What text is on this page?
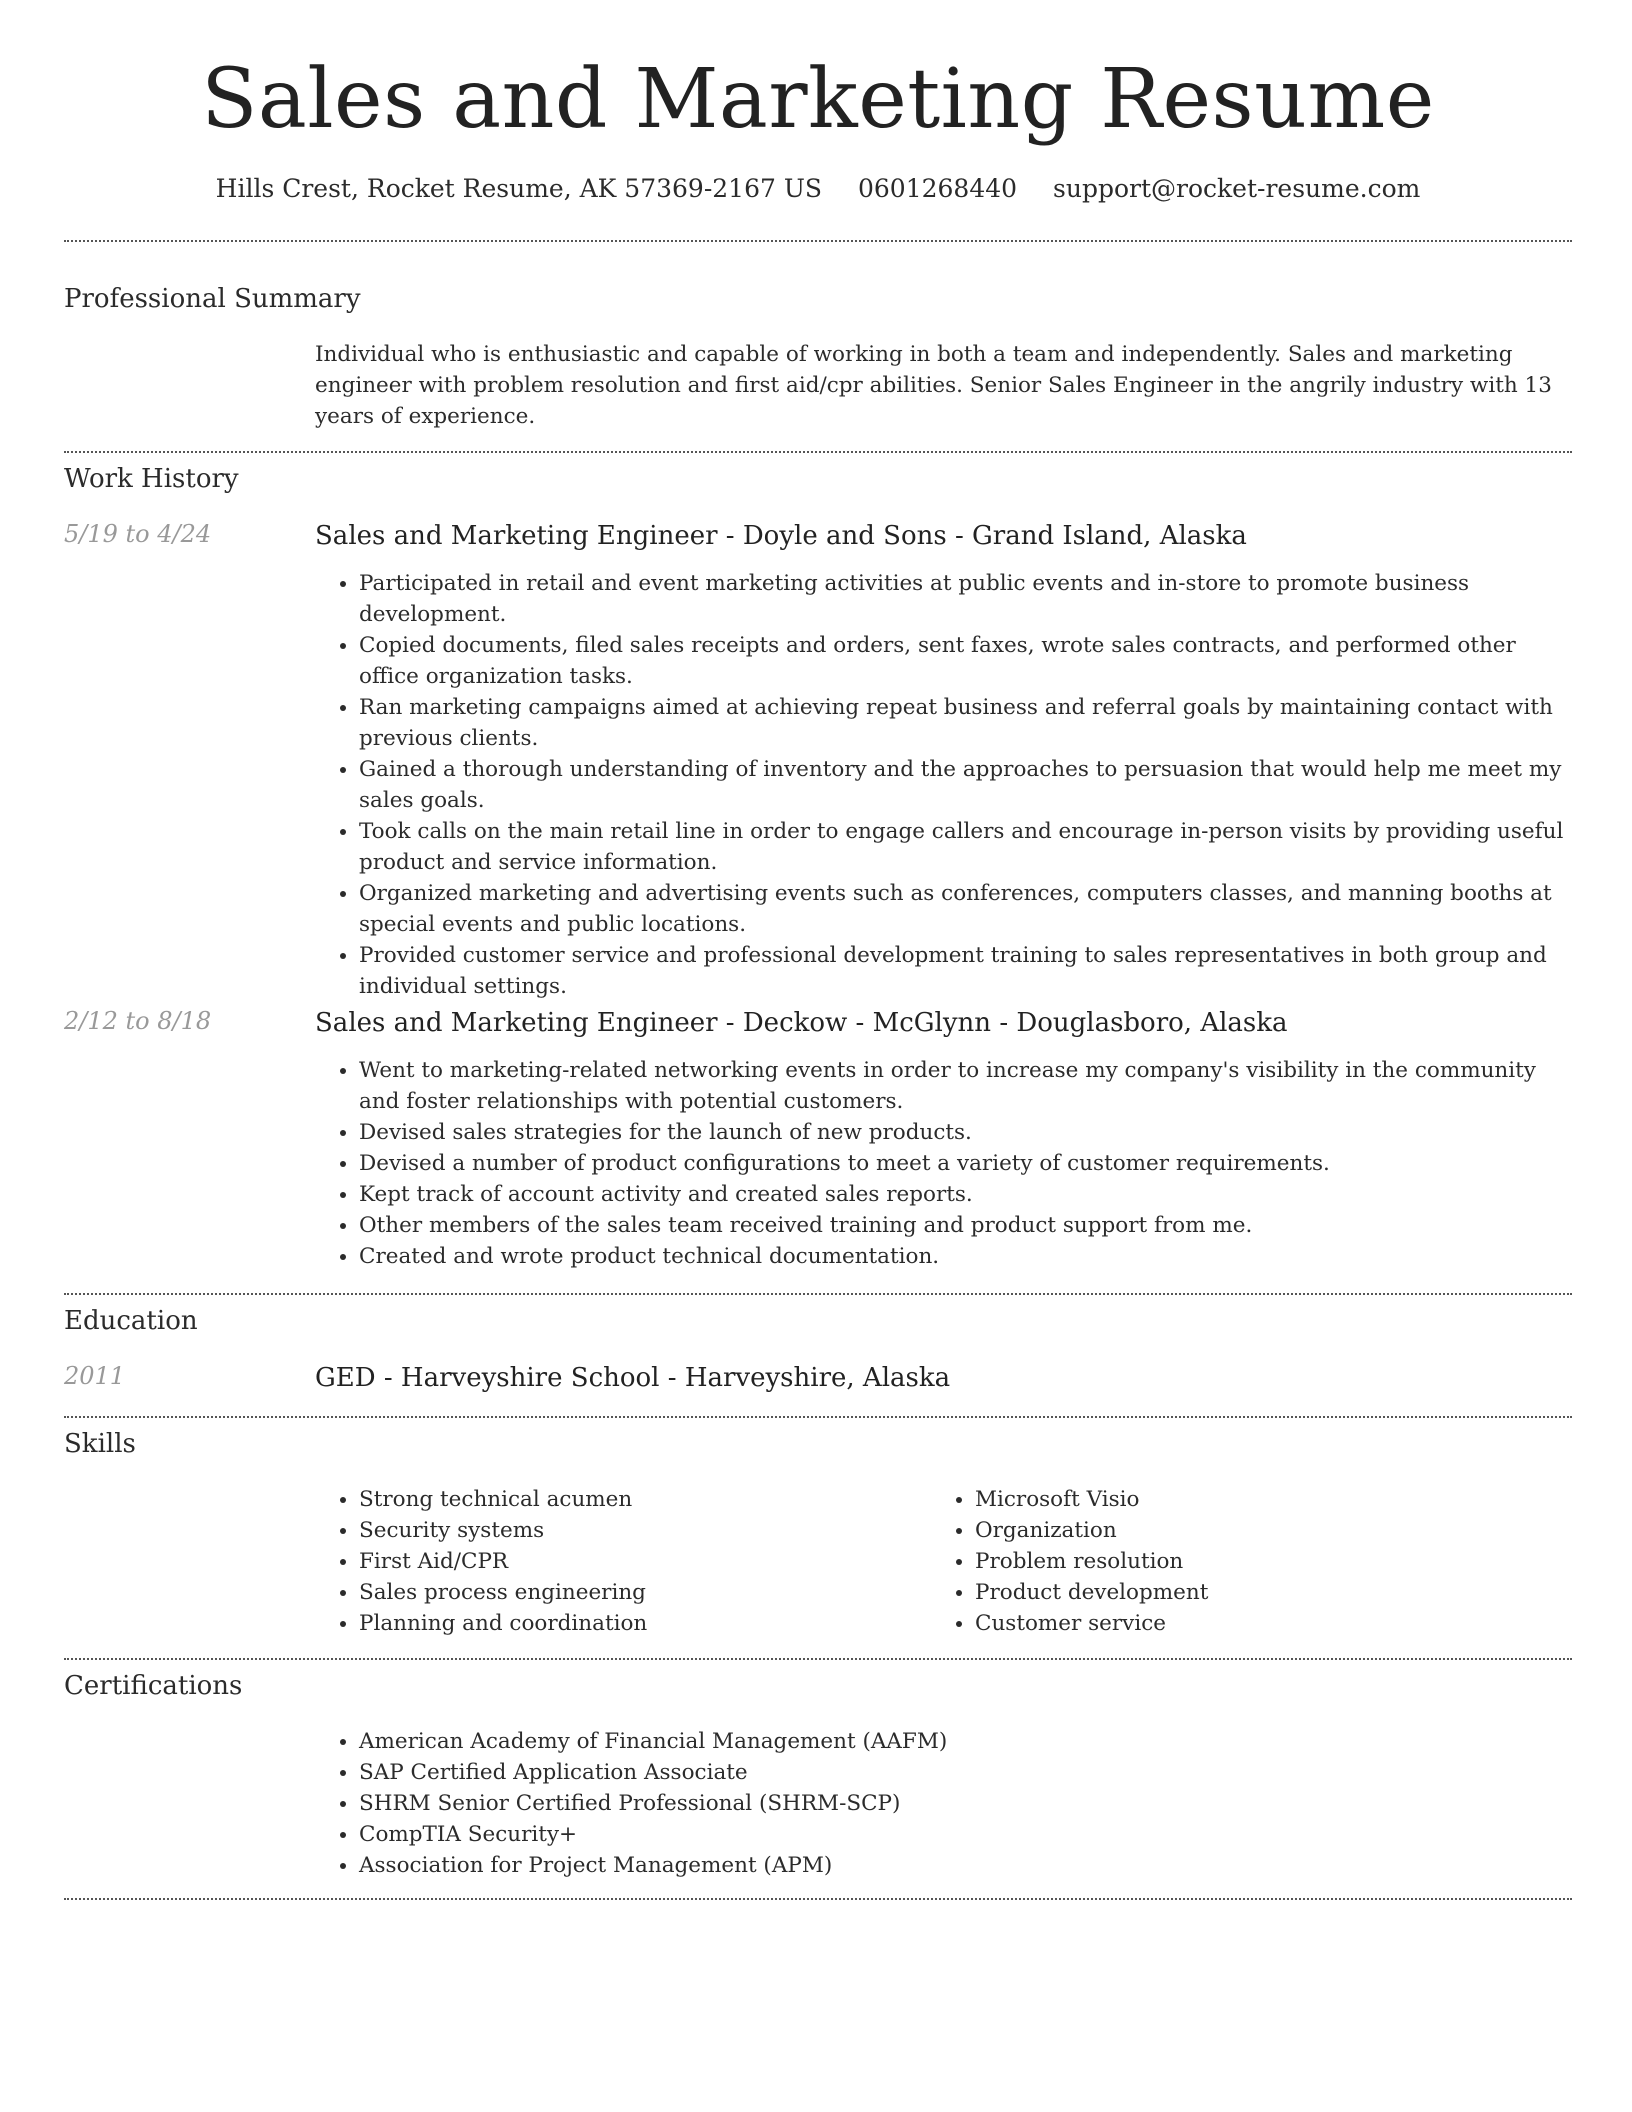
Sales and Marketing Resume
Hills Crest, Rocket Resume, AK 57369-2167 US 0601268440 support@rocket-resume.com
Professional Summary
Individual who is enthusiastic and capable of working in both a team and independently. Sales and marketing engineer with problem resolution and first aid/cpr abilities. Senior Sales Engineer in the angrily industry with 13 years of experience.
Work History
5/19 to 4/24	Sales and Marketing Engineer - Doyle and Sons - Grand Island, Alaska
• Participated in retail and event marketing activities at public events and in-store to promote business development.
• Copied documents, filed sales receipts and orders, sent faxes, wrote sales contracts, and performed other office organization tasks.
• Ran marketing campaigns aimed at achieving repeat business and referral goals by maintaining contact with previous clients.
• Gained a thorough understanding of inventory and the approaches to persuasion that would help me meet my sales goals.
• Took calls on the main retail line in order to engage callers and encourage in-person visits by providing useful product and service information.
• Organized marketing and advertising events such as conferences, computers classes, and manning booths at special events and public locations.
• Provided customer service and professional development training to sales representatives in both group and individual settings.
2/12 to 8/18	Sales and Marketing Engineer - Deckow - McGlynn - Douglasboro, Alaska
• Went to marketing-related networking events in order to increase my company's visibility in the community and foster relationships with potential customers.
• Devised sales strategies for the launch of new products.
• Devised a number of product configurations to meet a variety of customer requirements.
• Kept track of account activity and created sales reports.
• Other members of the sales team received training and product support from me.
• Created and wrote product technical documentation.
Education
2011	GED - Harveyshire School - Harveyshire, Alaska
Skills
• Strong technical acumen
• Security systems
• First Aid/CPR
• Sales process engineering
• Planning and coordination
• Microsoft Visio
• Organization
• Problem resolution
• Product development
• Customer service
Certifications
• American Academy of Financial Management (AAFM)
• SAP Certified Application Associate
• SHRM Senior Certified Professional (SHRM-SCP)
• CompTIA Security+
• Association for Project Management (APM)
